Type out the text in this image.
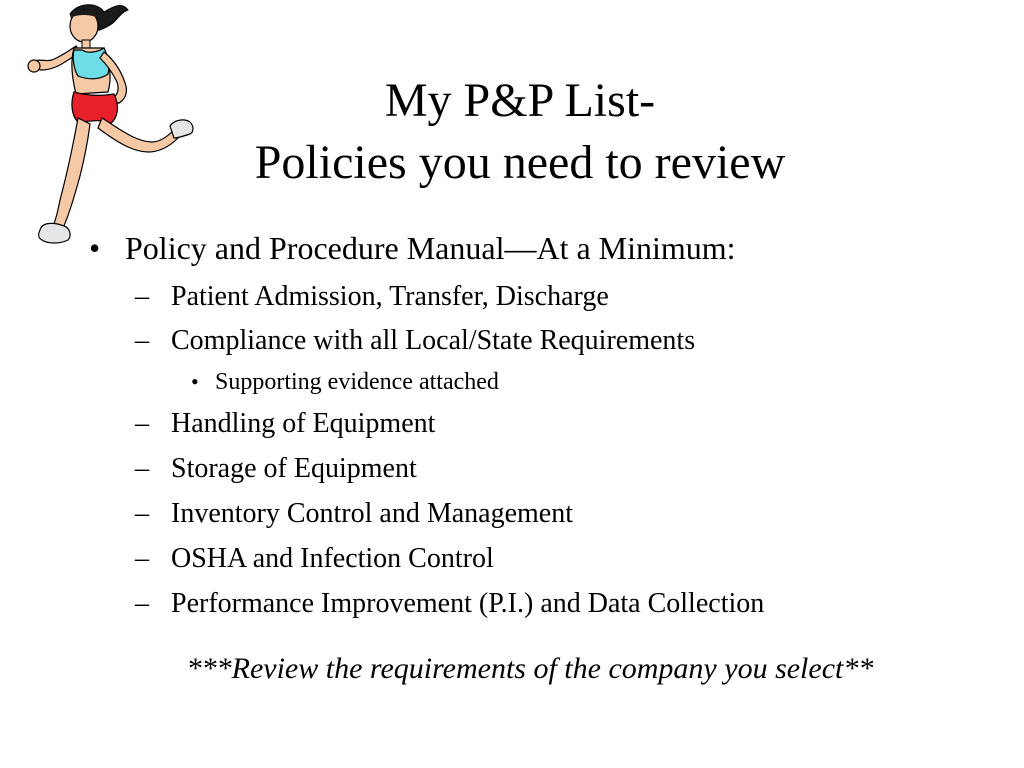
My P&P List-
Policies you need to review
• Policy and Procedure Manual—At a Minimum:
– Patient Admission, Transfer, Discharge
– Compliance with all Local/State Requirements
• Supporting evidence attached
– Handling of Equipment
– Storage of Equipment
– Inventory Control and Management
– OSHA and Infection Control
– Performance Improvement (P.I.) and Data Collection
***Review the requirements of the company you select**
